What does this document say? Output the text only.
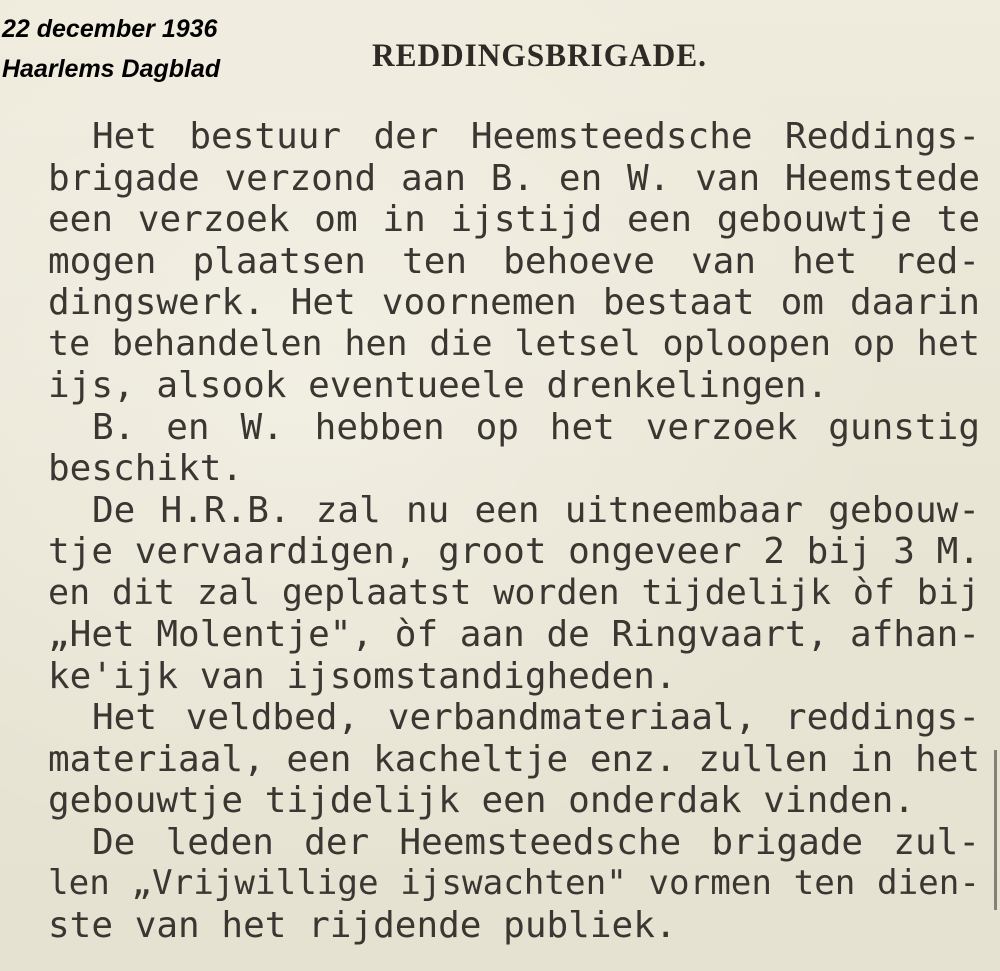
22 december 1936
Haarlems Dagblad	REDDINGSBRIGADE.
Het bestuur der Heemsteedsche Reddings-
brigade verzond aan B. en W. van Heemstede
een verzoek om in ijstijd een gebouwtje te
mogen plaatsen ten behoeve van het red-
dingswerk. Het voornemen bestaat om daarin
te behandelen hen die letsel oploopen op het
ijs, alsook eventueele drenkelingen.
B. en W. hebben op het verzoek gunstig
beschikt.
De H.R.B. zal nu een uitneembaar gebouw-
tje vervaardigen, groot ongeveer 2 bij 3 M.
en dit zal geplaatst worden tijdelijk òf bij
„Het Molentje", òf aan de Ringvaart, afhan-
ke'ijk van ijsomstandigheden.
Het veldbed, verbandmateriaal, reddings-
materiaal, een kacheltje enz. zullen in het
gebouwtje tijdelijk een onderdak vinden.
De leden der Heemsteedsche brigade zul-
len „Vrijwillige ijswachten" vormen ten dien-
ste van het rijdende publiek.
